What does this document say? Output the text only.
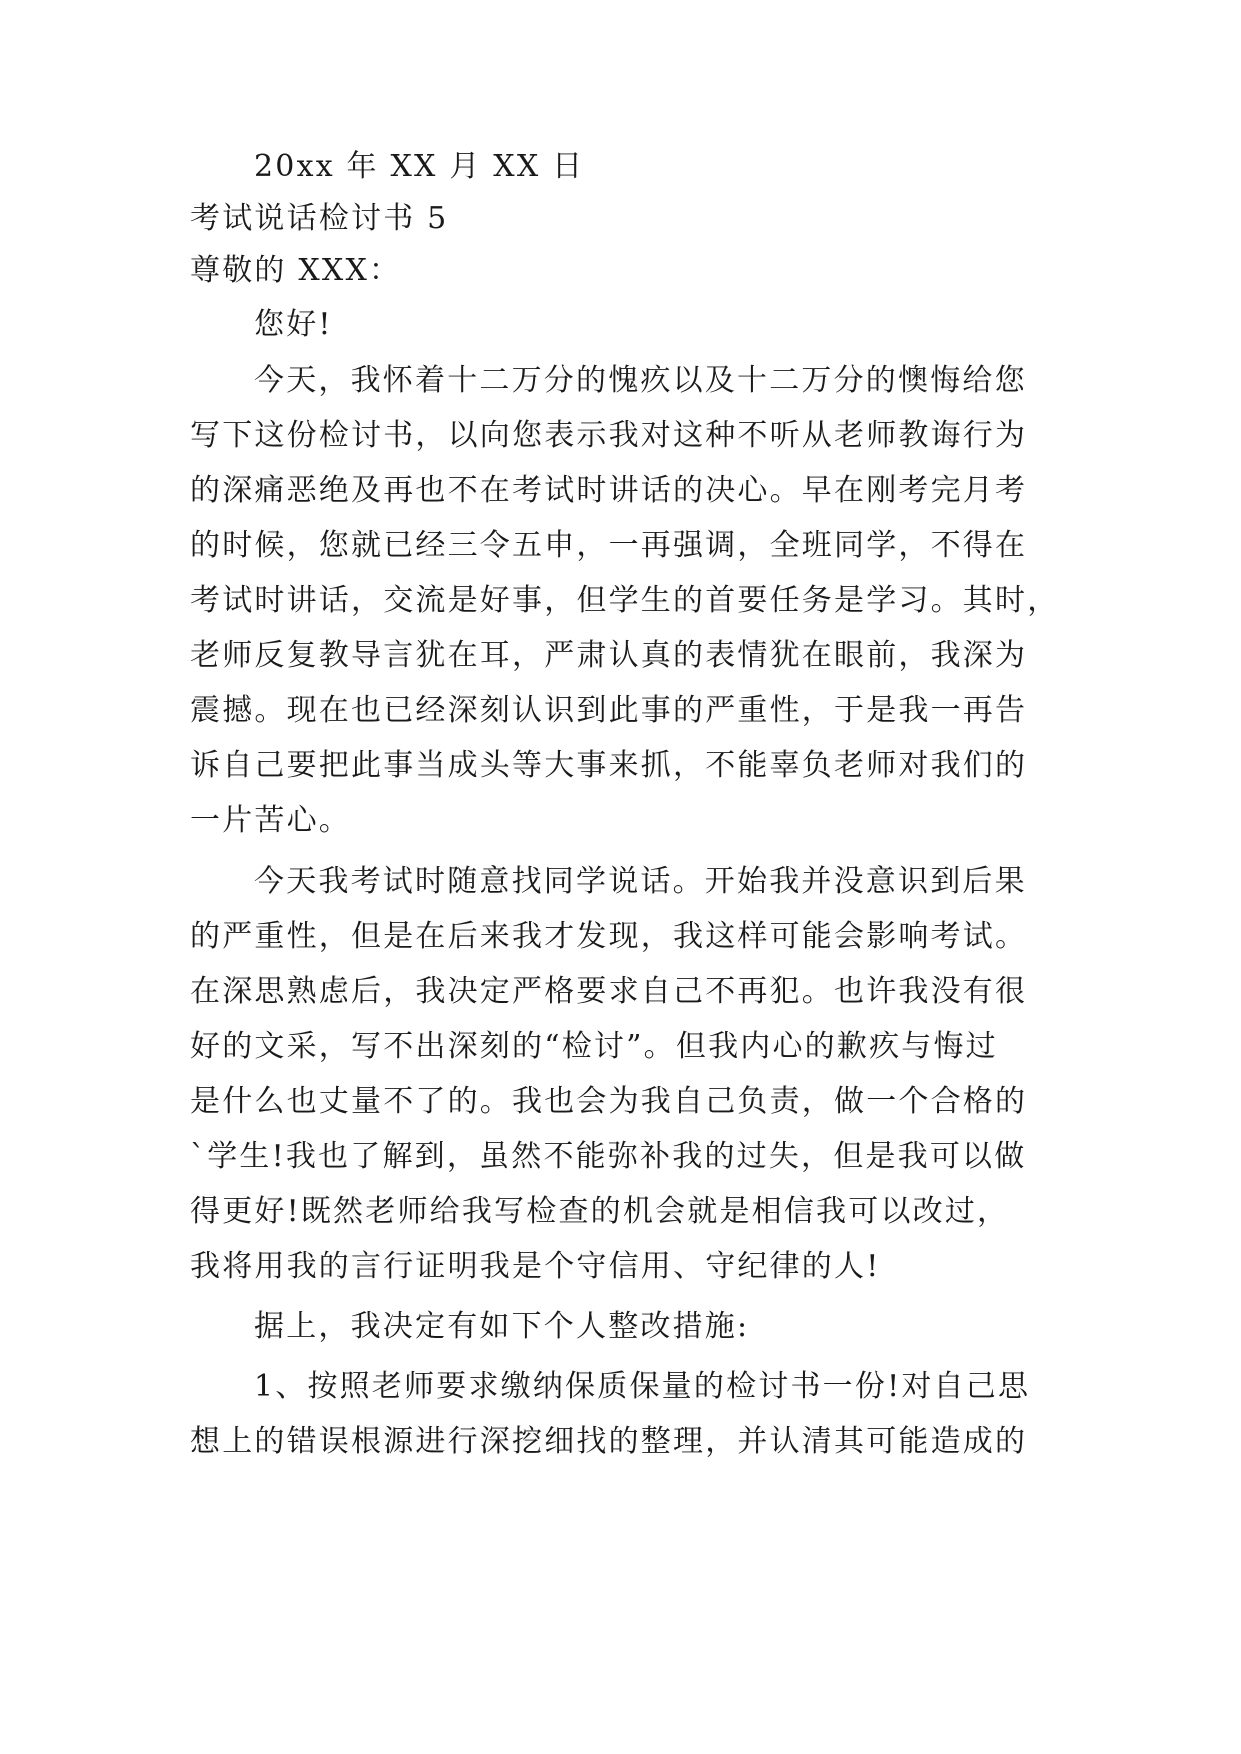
20xx 年 XX 月 XX 日
考试说话检讨书 5
尊敬的 XXX：
您好!
今天，我怀着十二万分的愧疚以及十二万分的懊悔给您
写下这份检讨书，以向您表示我对这种不听从老师教诲行为
的深痛恶绝及再也不在考试时讲话的决心。早在刚考完月考
的时候，您就已经三令五申，一再强调，全班同学，不得在
考试时讲话，交流是好事，但学生的首要任务是学习。其时，
老师反复教导言犹在耳，严肃认真的表情犹在眼前，我深为
震撼。现在也已经深刻认识到此事的严重性，于是我一再告
诉自己要把此事当成头等大事来抓，不能辜负老师对我们的
一片苦心。
今天我考试时随意找同学说话。开始我并没意识到后果
的严重性，但是在后来我才发现，我这样可能会影响考试。
在深思熟虑后，我决定严格要求自己不再犯。也许我没有很
好的文采，写不出深刻的“检讨”。但我内心的歉疚与悔过
是什么也丈量不了的。我也会为我自己负责，做一个合格的
`学生!我也了解到，虽然不能弥补我的过失，但是我可以做
得更好!既然老师给我写检查的机会就是相信我可以改过，
我将用我的言行证明我是个守信用、守纪律的人!
据上，我决定有如下个人整改措施:
1、按照老师要求缴纳保质保量的检讨书一份!对自己思
想上的错误根源进行深挖细找的整理，并认清其可能造成的
